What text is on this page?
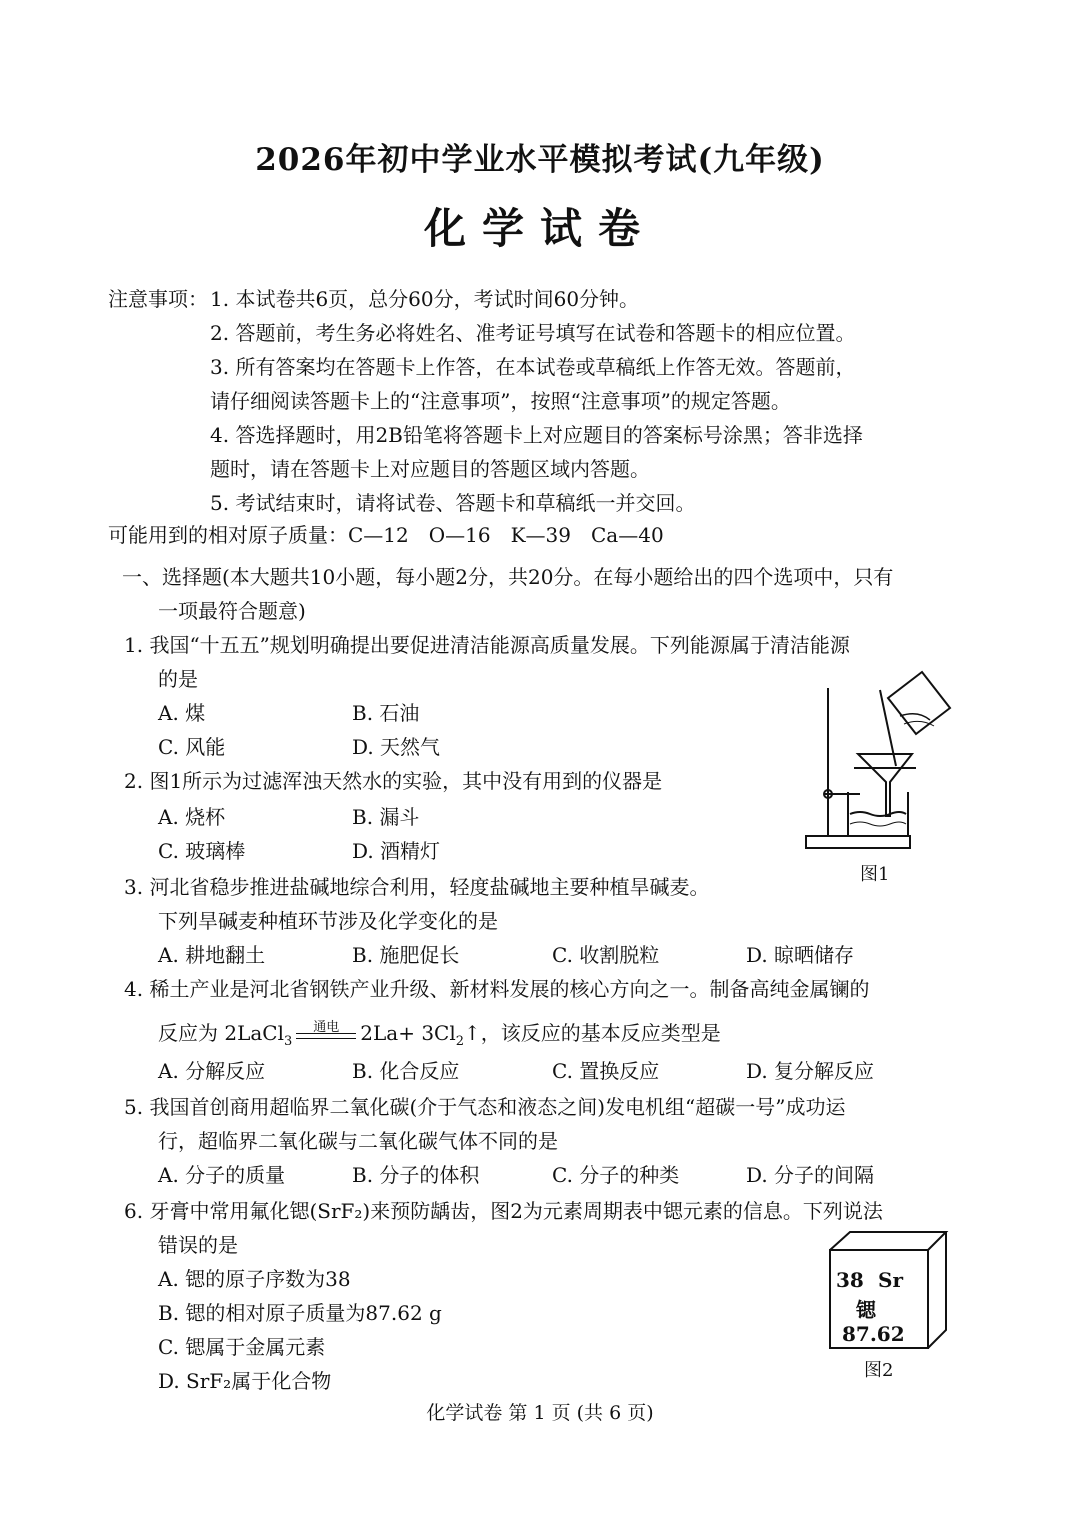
2026年初中学业水平模拟考试(九年级)
化学试卷
注意事项： 1. 本试卷共6页，总分60分，考试时间60分钟。
2. 答题前，考生务必将姓名、准考证号填写在试卷和答题卡的相应位置。
3. 所有答案均在答题卡上作答，在本试卷或草稿纸上作答无效。答题前，
请仔细阅读答题卡上的“注意事项”，按照“注意事项”的规定答题。
4. 答选择题时，用2B铅笔将答题卡上对应题目的答案标号涂黑；答非选择
题时，请在答题卡上对应题目的答题区域内答题。
5. 考试结束时，请将试卷、答题卡和草稿纸一并交回。
可能用到的相对原子质量：C—12　O—16　K—39　Ca—40
一、选择题(本大题共10小题，每小题2分，共20分。在每小题给出的四个选项中，只有
一项最符合题意)
1. 我国“十五五”规划明确提出要促进清洁能源高质量发展。下列能源属于清洁能源
的是
A. 煤	B. 石油
C. 风能	D. 天然气
2. 图1所示为过滤浑浊天然水的实验，其中没有用到的仪器是
A. 烧杯	B. 漏斗
C. 玻璃棒	D. 酒精灯
图1
3. 河北省稳步推进盐碱地综合利用，轻度盐碱地主要种植旱碱麦。
下列旱碱麦种植环节涉及化学变化的是
A. 耕地翻土	B. 施肥促长	C. 收割脱粒	D. 晾晒储存
4. 稀土产业是河北省钢铁产业升级、新材料发展的核心方向之一。制备高纯金属镧的
反应为 2LaCl$_3$
通电	$2La+ 3Cl_2↑$，该反应的基本反应类型是
A. 分解反应	B. 化合反应	C. 置换反应	D. 复分解反应
5. 我国首创商用超临界二氧化碳(介于气态和液态之间)发电机组“超碳一号”成功运
行，超临界二氧化碳与二氧化碳气体不同的是
A. 分子的质量	B. 分子的体积	C. 分子的种类	D. 分子的间隔
6. 牙膏中常用氟化锶(SrF₂)来预防龋齿，图2为元素周期表中锶元素的信息。下列说法
错误的是
A. 锶的原子序数为38
B. 锶的相对原子质量为87.62 g
C. 锶属于金属元素
D. SrF₂属于化合物
38 Sr
锶
87.62
图2
化学试卷 第 1 页 (共 6 页)
